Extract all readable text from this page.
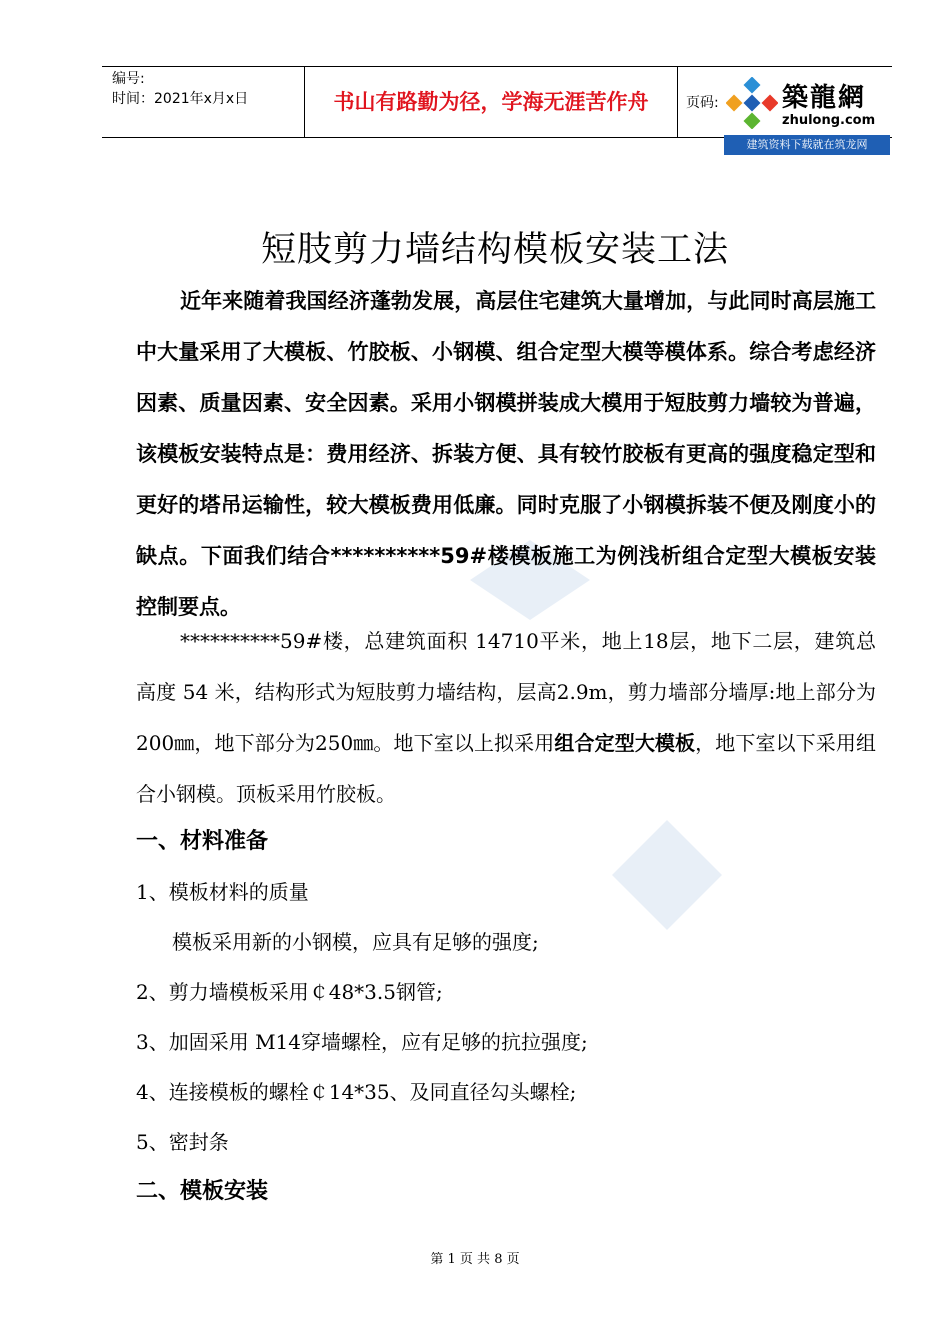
编号:
时间：2021年x月x日	书山有路勤为径，学海无涯苦作舟	页码: 築龍網
zhulong.com
建筑资料下载就在筑龙网
短肢剪力墙结构模板安装工法

近年来随着我国经济蓬勃发展，高层住宅建筑大量增加，与此同时高层施工中大量采用了大模板、竹胶板、小钢模、组合定型大模等模体系。综合考虑经济因素、质量因素、安全因素。采用小钢模拼装成大模用于短肢剪力墙较为普遍，该模板安装特点是：费用经济、拆装方便、具有较竹胶板有更高的强度稳定型和更好的塔吊运输性，较大模板费用低廉。同时克服了小钢模拆装不便及刚度小的缺点。下面我们结合**********59#楼模板施工为例浅析组合定型大模板安装控制要点。

**********59#楼，总建筑面积 14710平米，地上18层，地下二层，建筑总高度 54 米，结构形式为短肢剪力墙结构，层高2.9m，剪力墙部分墙厚:地上部分为200㎜，地下部分为250㎜。地下室以上拟采用组合定型大模板，地下室以下采用组合小钢模。顶板采用竹胶板。

一、材料准备
1、模板材料的质量
模板采用新的小钢模，应具有足够的强度;
2、剪力墙模板采用￠48*3.5钢管;
3、加固采用 M14穿墙螺栓，应有足够的抗拉强度;
4、连接模板的螺栓￠14*35、及同直径勾头螺栓;
5、密封条
二、模板安装
第 1 页 共 8 页
